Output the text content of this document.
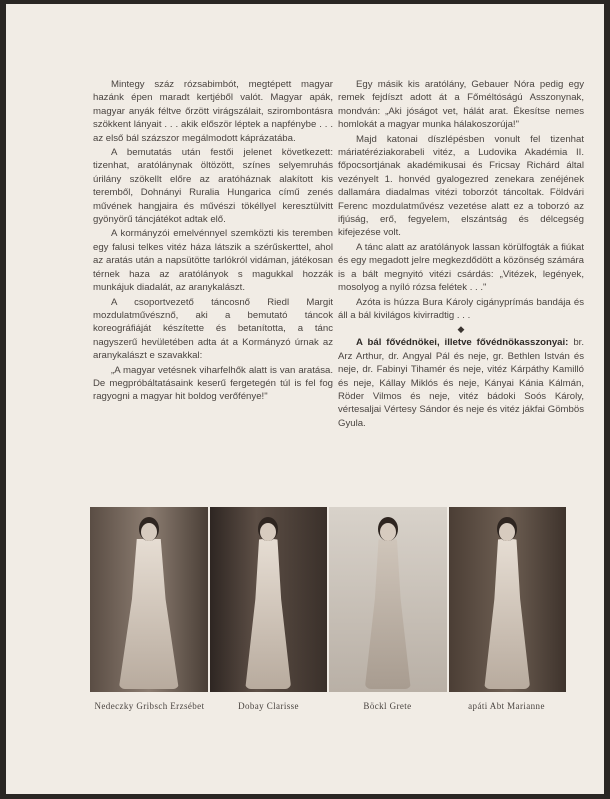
Mintegy száz rózsabimbót, megtépett magyar hazánk épen maradt kertjéből valót. Magyar apák, magyar anyák féltve őrzött virágszálait, szirombontásra szökkent lányait . . . akik először léptek a napfénybe . . . az első bál százszor megálmodott káprázatába.

A bemutatás után festői jelenet következett: tizenhat, aratólánynak öltözött, színes selyemruhás úrilány szökellt előre az aratóháznak alakított kis teremből, Dohnányi Ruralia Hungarica című zenés művének hangjaira és művészi tökéllyel keresztülvitt gyönyörű táncjátékot adtak elő.

A kormányzói emelvénnyel szemközti kis teremben egy falusi telkes vitéz háza látszik a szérűskerttel, ahol az aratás után a napsütötte tarlókról vidáman, játékosan térnek haza az aratólányok s magukkal hozzák munkájuk diadalát, az aranykalászt.

A csoportvezető táncosnő Riedl Margit mozdulatművésznő, aki a bemutató táncok koreográfiáját készítette és betanította, a tánc nagyszerű hevületében adta át a Kormányzó úrnak az aranykalászt e szavakkal:

„A magyar vetésnek viharfelhők alatt is van aratása. De megpróbáltatásaink keserű fergetegén túl is fel fog ragyogni a magyar hit boldog verőfénye!"

Egy másik kis aratólány, Gebauer Nóra pedig egy remek fejdíszt adott át a Főméltóságú Asszonynak, mondván: „Aki jóságot vet, hálát arat. Ékesítse nemes homlokát a magyar munka hálakoszorúja!"

Majd katonai díszlépésben vonult fel tizenhat máriatéréziakorabeli vitéz, a Ludovika Akadémia II. főpocsortjának akadémikusai és Fricsay Richárd által vezényelt 1. honvéd gyalogezred zenekara zenéjének dallamára diadalmas vitézi toborzót táncoltak. Földvári Ferenc mozdulatművész vezetése alatt ez a toborzó az ifjúság, erő, fegyelem, elszántság és délcegség kifejezése volt.

A tánc alatt az aratólányok lassan körülfogták a fiúkat és egy megadott jelre megkezdődött a közönség számára is a bált megnyitó vitézi csárdás: „Vitézek, legények, mosolyog a nyíló rózsa felétek . . ."

Azóta is húzza Bura Károly cigányprímás bandája és áll a bál kivilágos kivirradtig . . .

◆

A bál fővédnökei, illetve fővédnökasszonyai: br. Arz Arthur, dr. Angyal Pál és neje, gr. Bethlen István és neje, dr. Fabinyi Tihamér és neje, vitéz Kárpáthy Kamilló és neje, Kállay Miklós és neje, Kányai Kánia Kálmán, Röder Vilmos és neje, vitéz bádoki Soós Károly, vértesaljai Vértesy Sándor és neje és vitéz jákfai Gömbös Gyula.

Nedeczky Gribsch Erzsébet	Dobay Clarisse	Böckl Grete	apáti Abt Marianne
